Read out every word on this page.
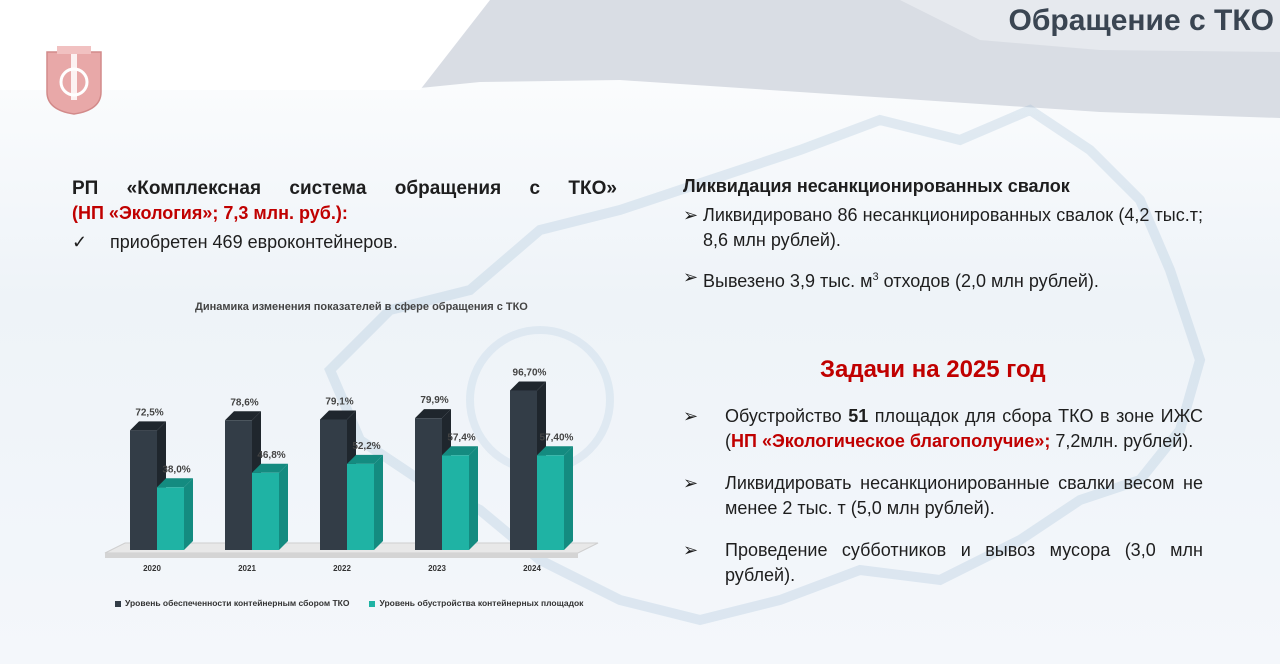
Обращение с ТКО
РП «Комплексная системa обращения с ТКО»
(НП «Экология»; 7,3 млн. руб.):
✓	приобретен 469 евроконтейнеров.
Ликвидация несанкционированных свалок
➢ Ликвидировано 86 несанкционированных свалок (4,2 тыс.т; 8,6 млн рублей).
➢ Вывезено 3,9 тыс. $м^3$ отходов (2,0 млн рублей).
Задачи на 2025 год
➢	Обустройство 51 площадок для сбора ТКО в зоне ИЖС (НП «Экологическое благополучие»; 7,2млн. рублей).
➢	Ликвидировать несанкционированные свалки весом не менее 2 тыс. т (5,0 млн рублей).
➢	Проведение субботников и вывоз мусора (3,0 млн рублей).
Динамика изменения показателей в сфере обращения с ТКО
72,5%
38,0%
2020
78,6%
46,8%
2021
79,1%
52,2%
2022
79,9%
57,4%
2023
96,70%
57,40%
2024
Уровень обеспеченности контейнерным сбором ТКО	Уровень обустройства контейнерных площадок
